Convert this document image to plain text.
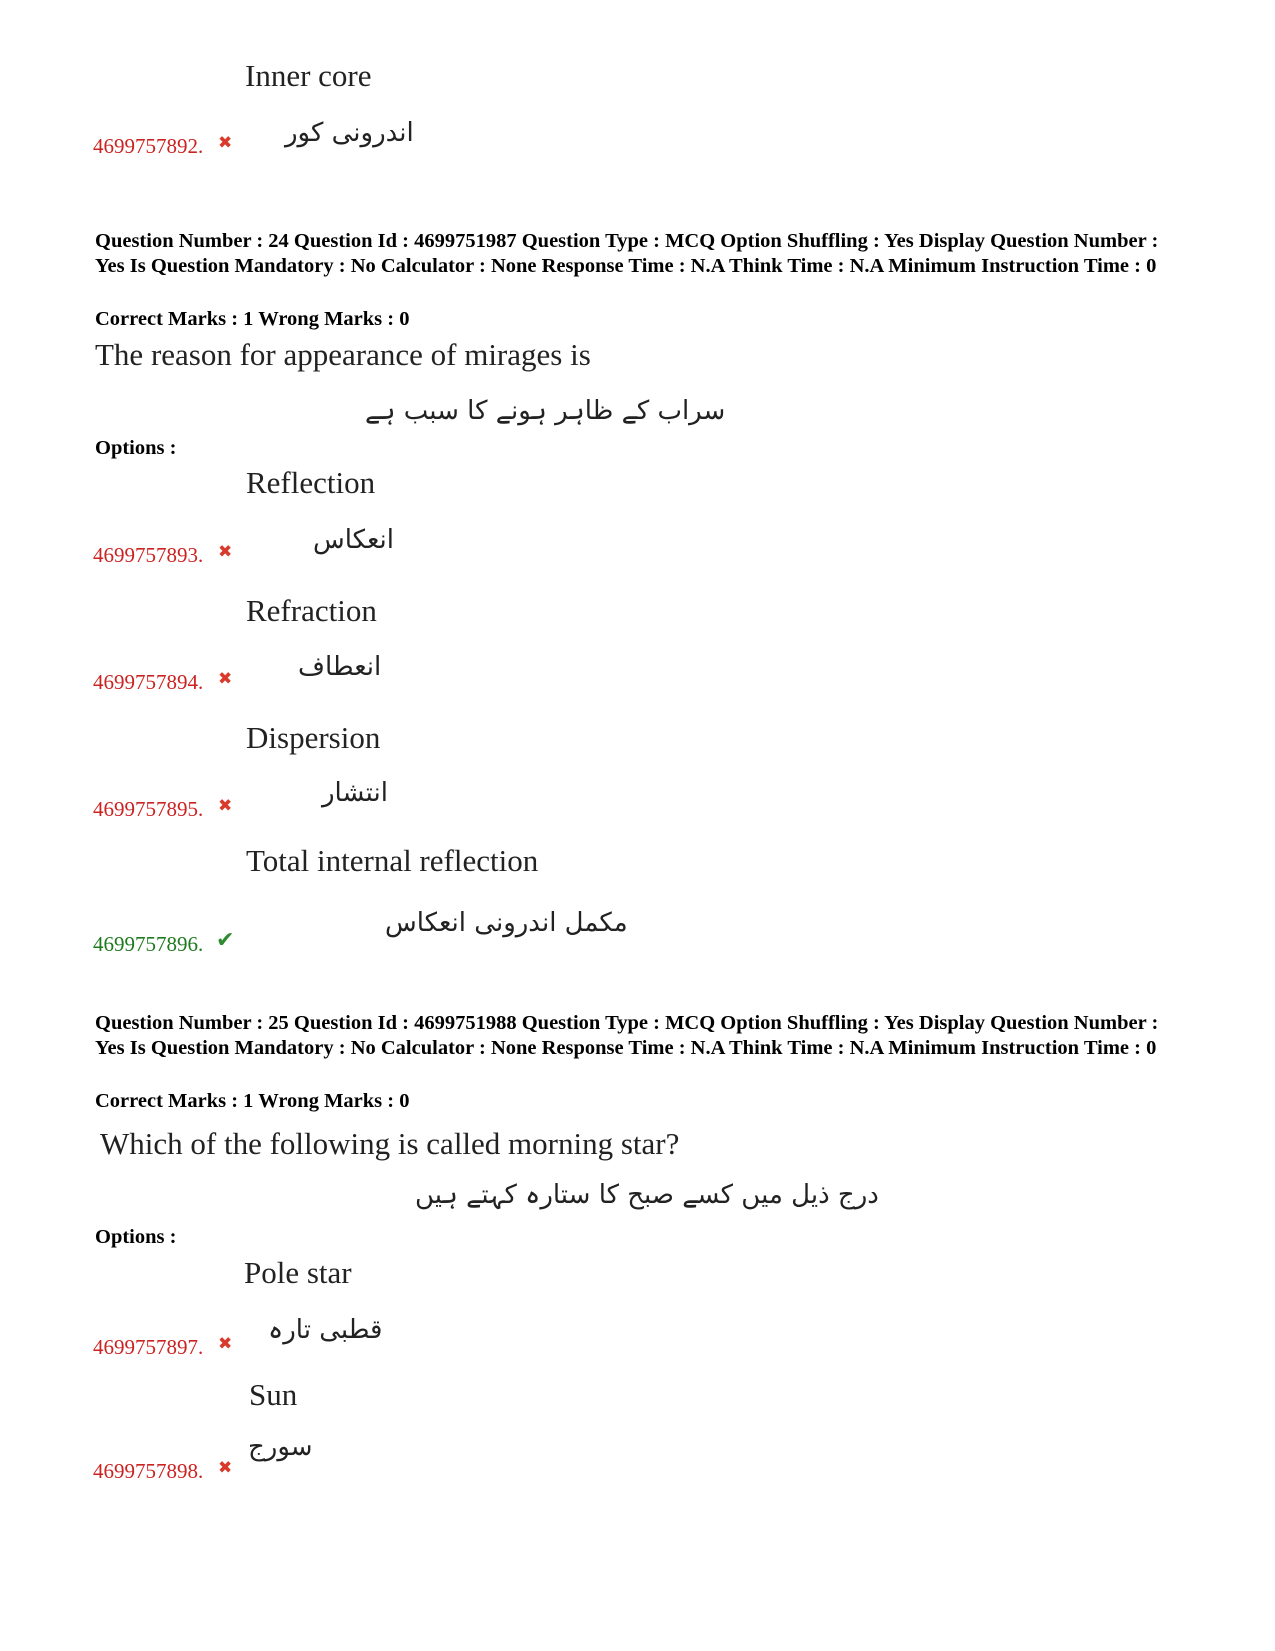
Inner core
اندرونی کور
4699757892. ✖
Question Number : 24 Question Id : 4699751987 Question Type : MCQ Option Shuffling : Yes Display Question Number : Yes Is Question Mandatory : No Calculator : None Response Time : N.A Think Time : N.A Minimum Instruction Time : 0
Correct Marks : 1 Wrong Marks : 0
The reason for appearance of mirages is
سراب کے ظاہر ہونے کا سبب ہے
Options :
Reflection
انعکاس
4699757893. ✖
Refraction
انعطاف
4699757894. ✖
Dispersion
انتشار
4699757895. ✖
Total internal reflection
مکمل اندرونی انعکاس
4699757896. ✔
Question Number : 25 Question Id : 4699751988 Question Type : MCQ Option Shuffling : Yes Display Question Number : Yes Is Question Mandatory : No Calculator : None Response Time : N.A Think Time : N.A Minimum Instruction Time : 0
Correct Marks : 1 Wrong Marks : 0
Which of the following is called morning star?
درج ذیل میں کسے صبح کا ستارہ کہتے ہیں
Options :
Pole star
قطبی تارہ
4699757897. ✖
Sun
سورج
4699757898. ✖
